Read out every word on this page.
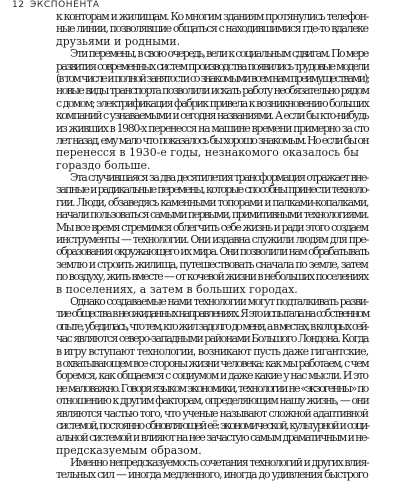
12 ЭКСПОНЕНТА
к конторам и жилищам. Ко многим зданиям протянулись телефон-
ные линии, позволявшие общаться с находившимися где-то вдалеке
друзьями и родными.
Эти перемены, в свою очередь, вели к социальным сдвигам. По мере
развития современных систем производства появились трудовые модели
(в том числе и полной занятости со знакомыми всем нам преимуществами);
новые виды транспорта позволили искать работу необязательно рядом
с домом; электрификация фабрик привела к возникновению больших
компаний с узнаваемыми и сегодня названиями. А если бы кто-нибудь
из живших в 1980-х перенесся на машине времени примерно за сто
лет назад, ему мало что показалось бы хорошо знакомым. Но если бы он
перенесся в 1930-е годы, незнакомого оказалось бы
гораздо больше.
Эта случившаяся за два десятилетия трансформация отражает вне-
запные и радикальные перемены, которые способны принести техноло-
гии. Люди, обзаведясь каменными топорами и палками-копалками,
начали пользоваться самыми первыми, примитивными технологиями.
Мы все время стремимся облегчить себе жизнь и ради этого создаем
инструменты — технологии. Они издавна служили людям для пре-
образования окружающего их мира. Они позволили нам обрабатывать
землю и строить жилища, путешествовать сначала по земле, затем
по воздуху, жить вместе — от кочевой жизни в небольших поселениях
в поселениях, а затем в больших городах.
Однако создаваемые нами технологии могут подталкивать разви-
тие общества в неожиданных направлениях. Я это испытала на собственном
опыте, убедилась, что тем, кто жил задолго до меня, а в местах, в которых сей-
час являются северо-западными районами Большого Лондона. Когда
в игру вступают технологии, возникают пусть даже гигантские,
в охватывающем все стороны жизни человека: как мы работаем, с чем
боремся, как общаемся с социумом и даже какие у нас мысли. И это
не маловажно. Говоря языком экономики, технологии не «экзогенны» по
отношению к другим факторам, определяющим нашу жизнь, — они
являются частью того, что ученые называют сложной адаптивной
системой, постоянно обновляющей её: экономической, культурной и соци-
альной системой и влияют на нее зачастую самым драматичным и не-
предсказуемым образом.
Именно непредсказуемость сочетания технологий и других влия-
тельных сил — иногда медленного, иногда до удивления быстрого
